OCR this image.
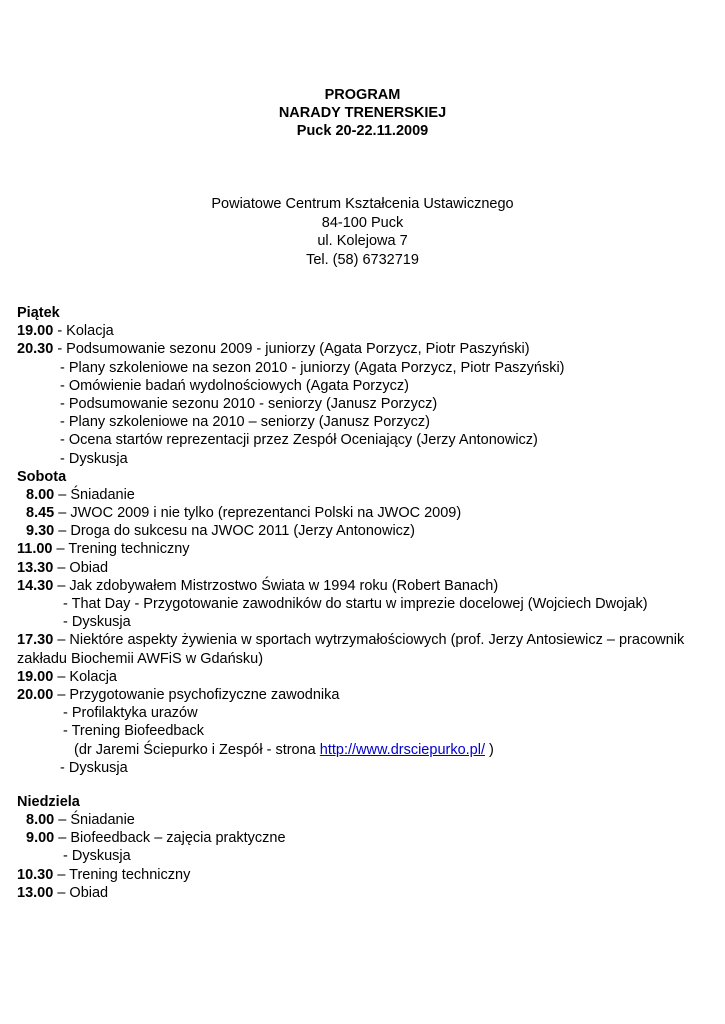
PROGRAM
NARADY TRENERSKIEJ
Puck 20-22.11.2009
Powiatowe Centrum Kształcenia Ustawicznego
84-100 Puck
ul. Kolejowa 7
Tel. (58) 6732719
Piątek
19.00 - Kolacja
20.30 - Podsumowanie sezonu 2009 - juniorzy (Agata Porzycz, Piotr Paszyński)
- Plany szkoleniowe na sezon 2010 - juniorzy (Agata Porzycz, Piotr Paszyński)
- Omówienie badań wydolnościowych (Agata Porzycz)
- Podsumowanie sezonu 2010 - seniorzy (Janusz Porzycz)
- Plany szkoleniowe na 2010 – seniorzy (Janusz Porzycz)
- Ocena startów reprezentacji przez Zespół Oceniający (Jerzy Antonowicz)
- Dyskusja
Sobota
8.00 – Śniadanie
8.45 – JWOC 2009 i nie tylko (reprezentanci Polski na JWOC 2009)
9.30 – Droga do sukcesu na JWOC 2011 (Jerzy Antonowicz)
11.00 – Trening techniczny
13.30 – Obiad
14.30 – Jak zdobywałem Mistrzostwo Świata w 1994 roku (Robert Banach)
- That Day - Przygotowanie zawodników do startu w imprezie docelowej (Wojciech Dwojak)
- Dyskusja
17.30 – Niektóre aspekty żywienia w sportach wytrzymałościowych (prof. Jerzy Antosiewicz – pracownik zakładu Biochemii AWFiS w Gdańsku)
19.00 – Kolacja
20.00 – Przygotowanie psychofizyczne zawodnika
- Profilaktyka urazów
- Trening Biofeedback
(dr Jaremi Ściepurko i Zespół - strona http://www.drsciepurko.pl/ )
- Dyskusja
Niedziela
8.00 – Śniadanie
9.00 – Biofeedback – zajęcia praktyczne
- Dyskusja
10.30 – Trening techniczny
13.00 – Obiad
